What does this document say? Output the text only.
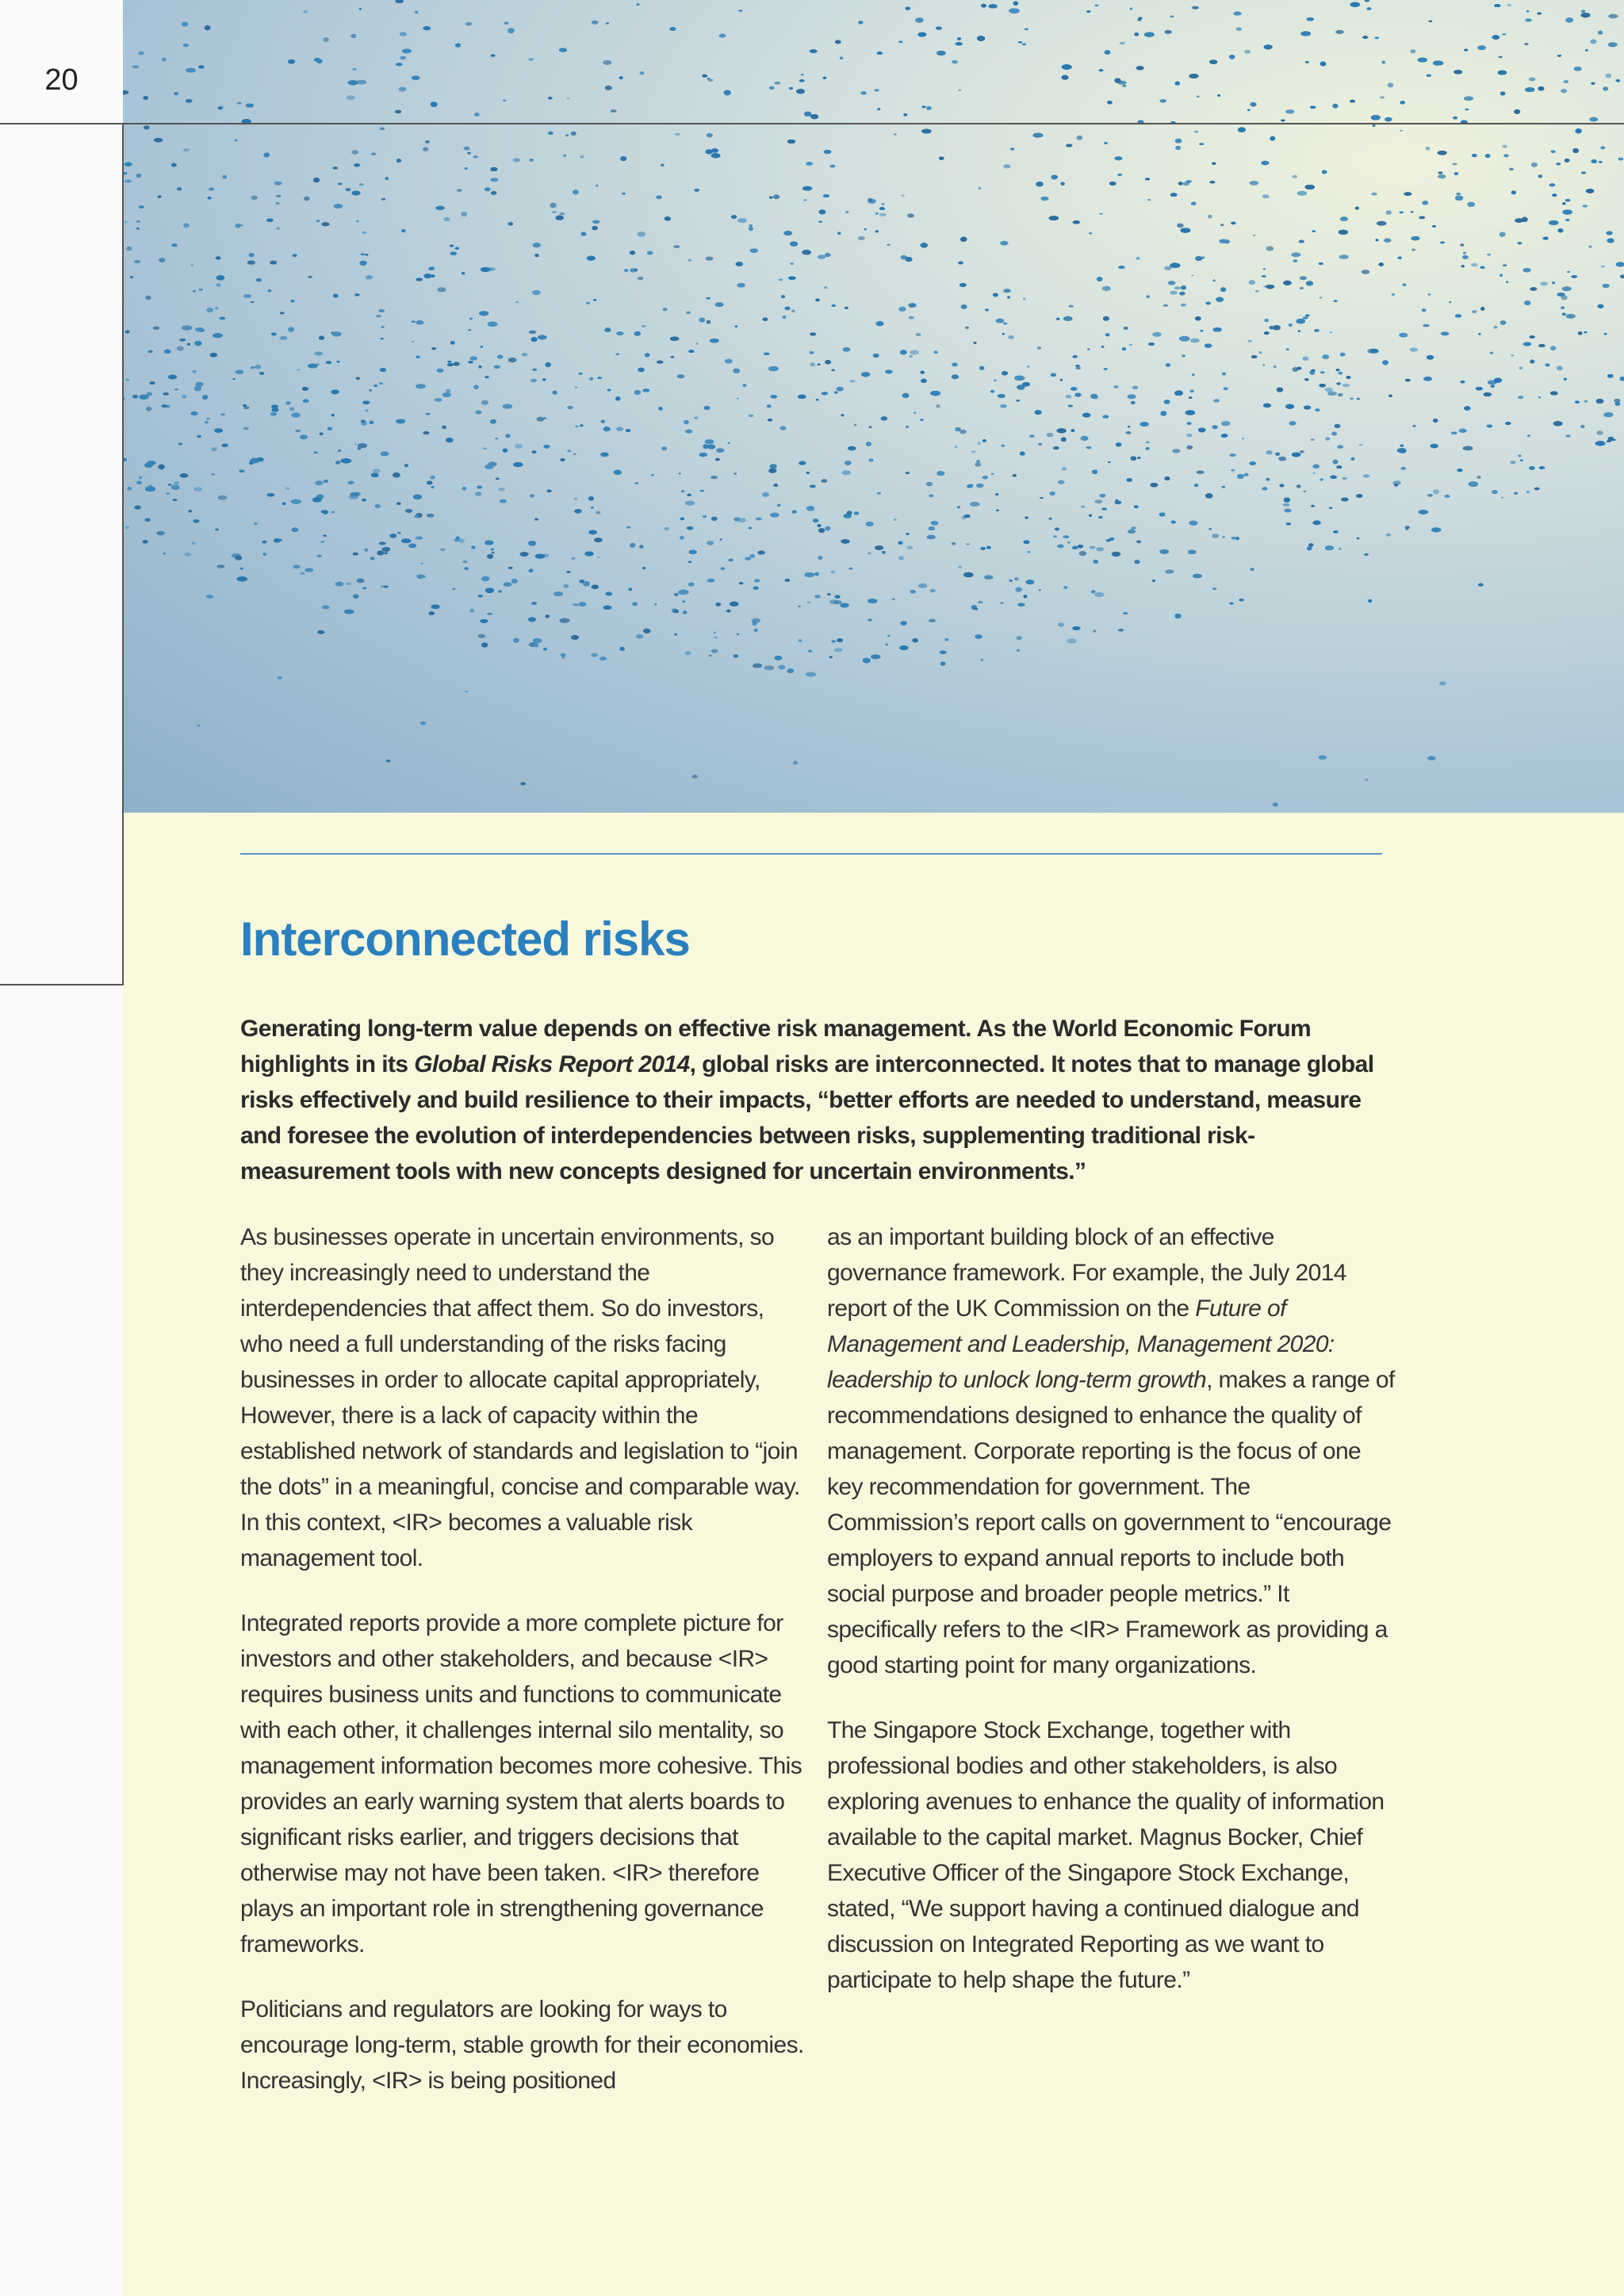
20
Interconnected risks
Generating long-term value depends on effective risk management. As the World Economic Forum highlights in its Global Risks Report 2014, global risks are interconnected. It notes that to manage global risks effectively and build resilience to their impacts, “better efforts are needed to understand, measure and foresee the evolution of interdependencies between risks, supplementing traditional risk-measurement tools with new concepts designed for uncertain environments.”

As businesses operate in uncertain environments, so they increasingly need to understand the interdependencies that affect them. So do investors, who need a full understanding of the risks facing businesses in order to allocate capital appropriately, However, there is a lack of capacity within the established network of standards and legislation to “join the dots” in a meaningful, concise and comparable way. In this context, <IR> becomes a valuable risk management tool.

Integrated reports provide a more complete picture for investors and other stakeholders, and because <IR> requires business units and functions to communicate with each other, it challenges internal silo mentality, so management information becomes more cohesive. This provides an early warning system that alerts boards to significant risks earlier, and triggers decisions that otherwise may not have been taken. <IR> therefore plays an important role in strengthening governance frameworks.

Politicians and regulators are looking for ways to encourage long-term, stable growth for their economies. Increasingly, <IR> is being positioned

as an important building block of an effective governance framework. For example, the July 2014 report of the UK Commission on the Future of Management and Leadership, Management 2020: leadership to unlock long-term growth, makes a range of recommendations designed to enhance the quality of management. Corporate reporting is the focus of one key recommendation for government. The Commission’s report calls on government to “encourage employers to expand annual reports to include both social purpose and broader people metrics.” It specifically refers to the <IR> Framework as providing a good starting point for many organizations.

The Singapore Stock Exchange, together with professional bodies and other stakeholders, is also exploring avenues to enhance the quality of information available to the capital market. Magnus Bocker, Chief Executive Officer of the Singapore Stock Exchange, stated, “We support having a continued dialogue and discussion on Integrated Reporting as we want to participate to help shape the future.”
